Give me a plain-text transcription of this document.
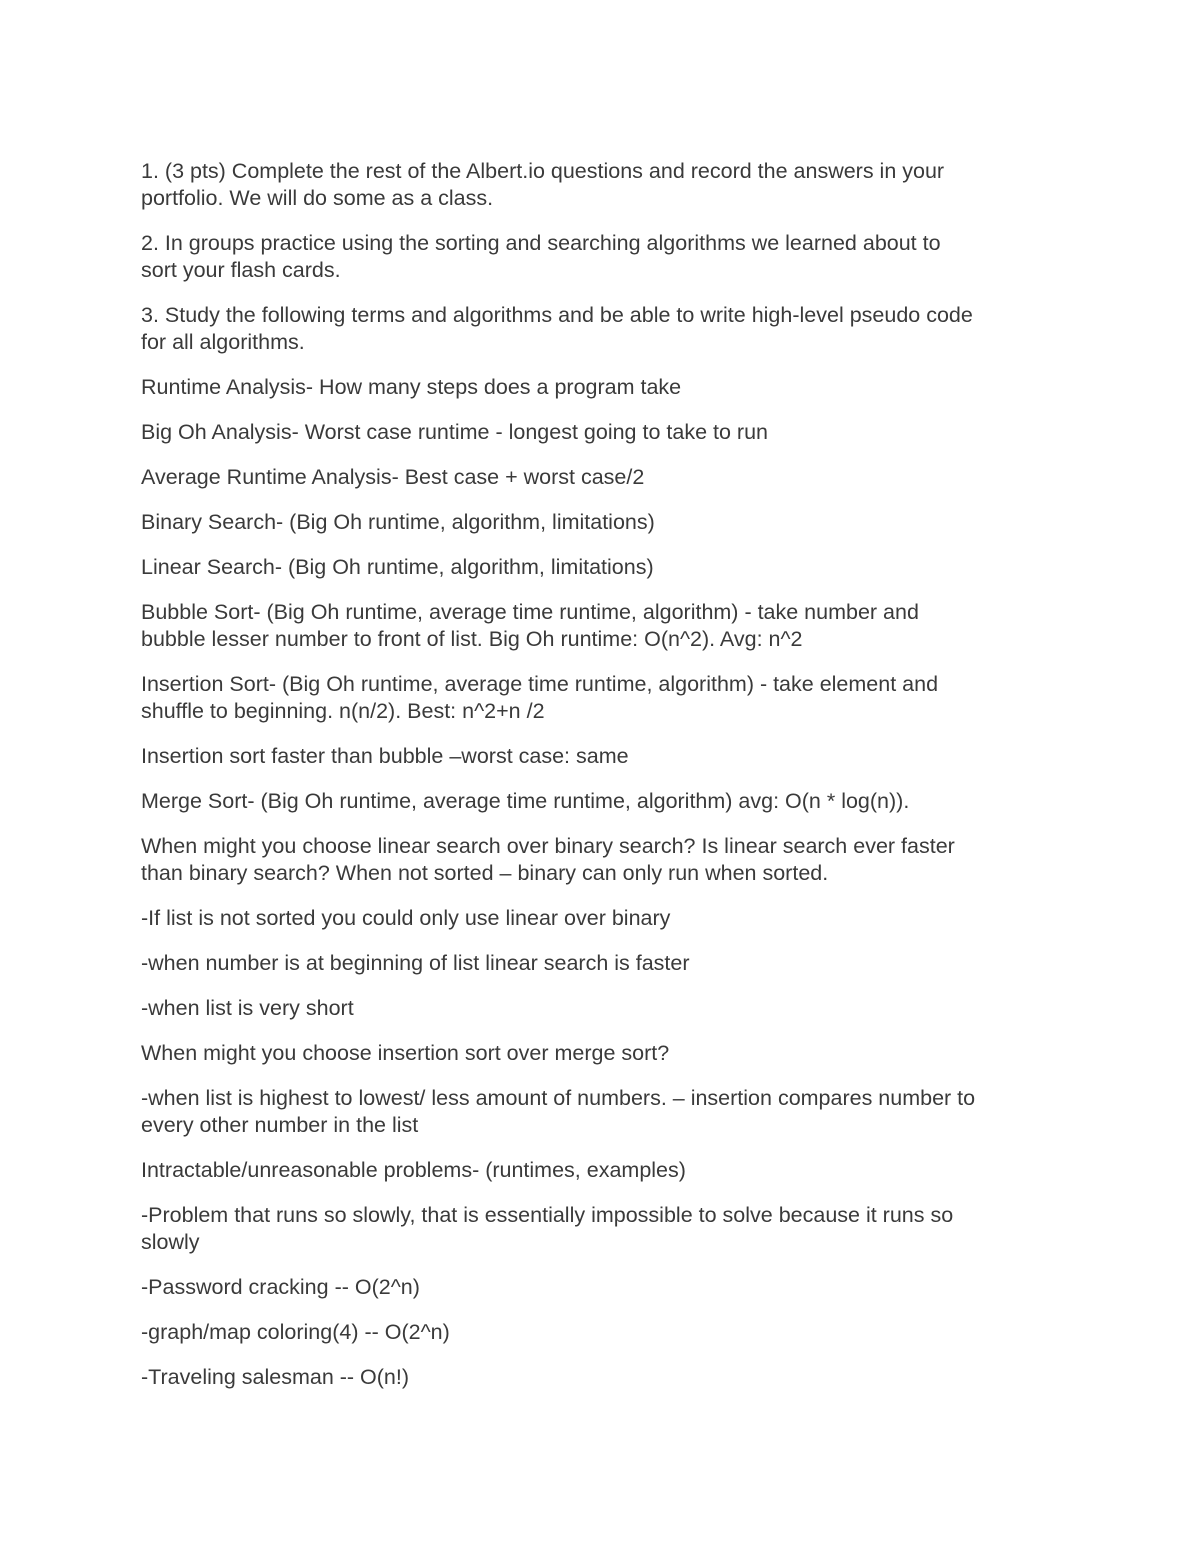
1. (3 pts) Complete the rest of the Albert.io questions and record the answers in your
portfolio. We will do some as a class.

2. In groups practice using the sorting and searching algorithms we learned about to
sort your flash cards.

3. Study the following terms and algorithms and be able to write high-level pseudo code
for all algorithms.

Runtime Analysis- How many steps does a program take

Big Oh Analysis- Worst case runtime - longest going to take to run

Average Runtime Analysis- Best case + worst case/2

Binary Search- (Big Oh runtime, algorithm, limitations)

Linear Search- (Big Oh runtime, algorithm, limitations)

Bubble Sort- (Big Oh runtime, average time runtime, algorithm) - take number and
bubble lesser number to front of list. Big Oh runtime: O(n^2). Avg: n^2

Insertion Sort- (Big Oh runtime, average time runtime, algorithm) - take element and
shuffle to beginning. n(n/2). Best: n^2+n /2

Insertion sort faster than bubble –worst case: same

Merge Sort- (Big Oh runtime, average time runtime, algorithm) avg: O(n * log(n)).

When might you choose linear search over binary search? Is linear search ever faster
than binary search? When not sorted – binary can only run when sorted.

-If list is not sorted you could only use linear over binary

-when number is at beginning of list linear search is faster

-when list is very short

When might you choose insertion sort over merge sort?

-when list is highest to lowest/ less amount of numbers. – insertion compares number to
every other number in the list

Intractable/unreasonable problems- (runtimes, examples)

-Problem that runs so slowly, that is essentially impossible to solve because it runs so
slowly

-Password cracking -- O(2^n)

-graph/map coloring(4) -- O(2^n)

-Traveling salesman -- O(n!)
